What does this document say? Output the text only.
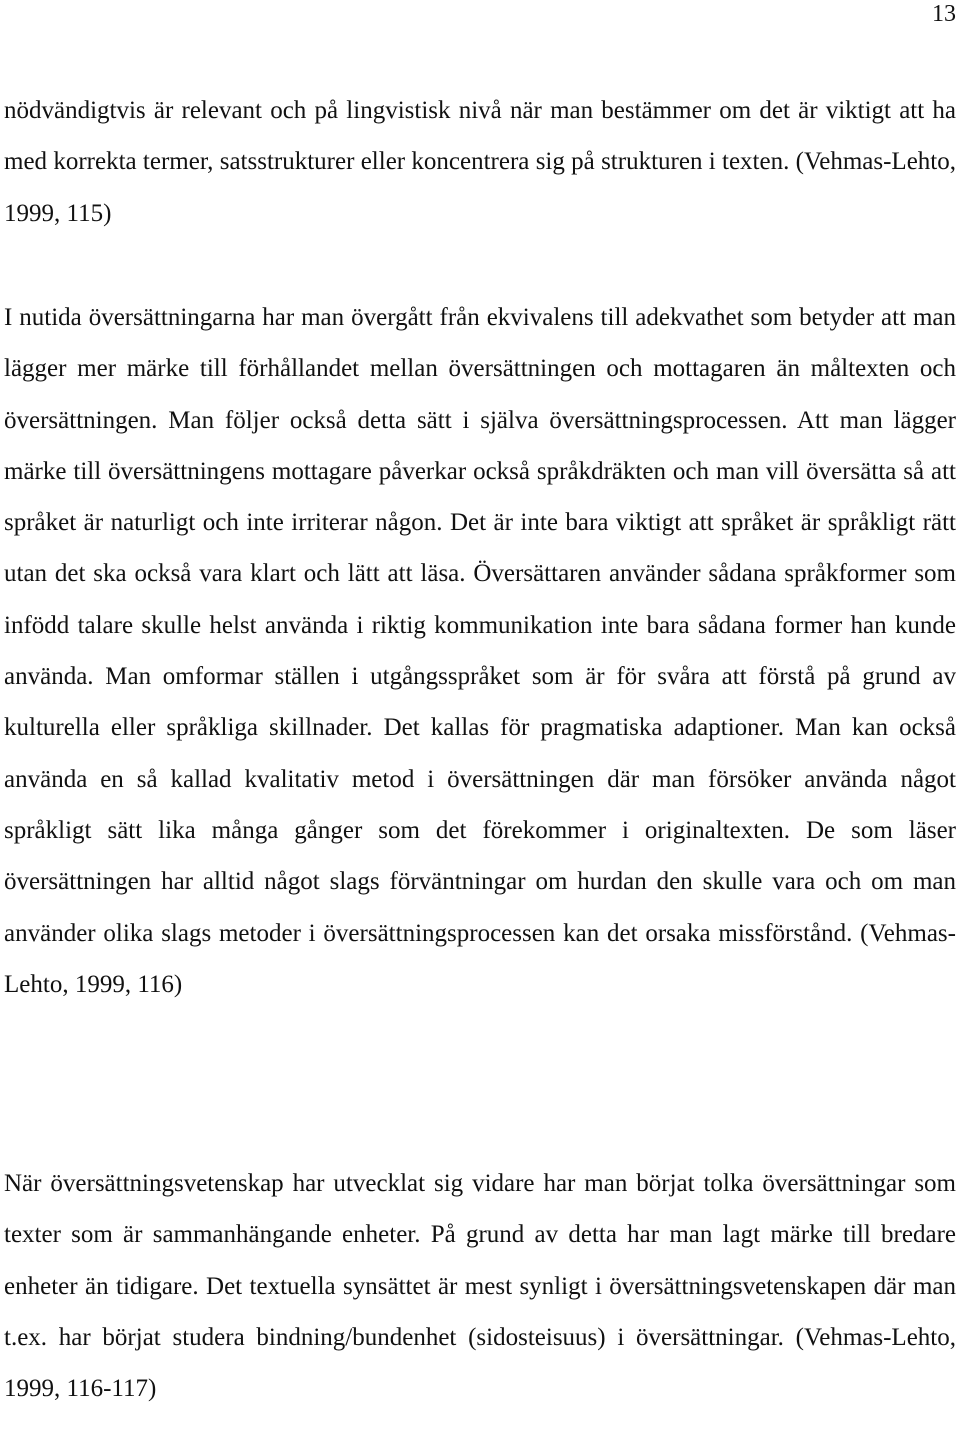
13

nödvändigtvis är relevant och på lingvistisk nivå när man bestämmer om det är viktigt att ha med korrekta termer, satsstrukturer eller koncentrera sig på strukturen i texten. (Vehmas-Lehto, 1999, 115)

I nutida översättningarna har man övergått från ekvivalens till adekvathet som betyder att man lägger mer märke till förhållandet mellan översättningen och mottagaren än måltexten och översättningen. Man följer också detta sätt i själva översättningsprocessen. Att man lägger märke till översättningens mottagare påverkar också språkdräkten och man vill översätta så att språket är naturligt och inte irriterar någon. Det är inte bara viktigt att språket är språkligt rätt utan det ska också vara klart och lätt att läsa. Översättaren använder sådana språkformer som infödd talare skulle helst använda i riktig kommunikation inte bara sådana former han kunde använda. Man omformar ställen i utgångsspråket som är för svåra att förstå på grund av kulturella eller språkliga skillnader. Det kallas för pragmatiska adaptioner. Man kan också använda en så kallad kvalitativ metod i översättningen där man försöker använda något språkligt sätt lika många gånger som det förekommer i originaltexten. De som läser översättningen har alltid något slags förväntningar om hurdan den skulle vara och om man använder olika slags metoder i översättningsprocessen kan det orsaka missförstånd. (Vehmas-Lehto, 1999, 116)

När översättningsvetenskap har utvecklat sig vidare har man börjat tolka översättningar som texter som är sammanhängande enheter. På grund av detta har man lagt märke till bredare enheter än tidigare. Det textuella synsättet är mest synligt i översättningsvetenskapen där man t.ex. har börjat studera bindning/bundenhet (sidosteisuus) i översättningar. (Vehmas-Lehto, 1999, 116-117)
